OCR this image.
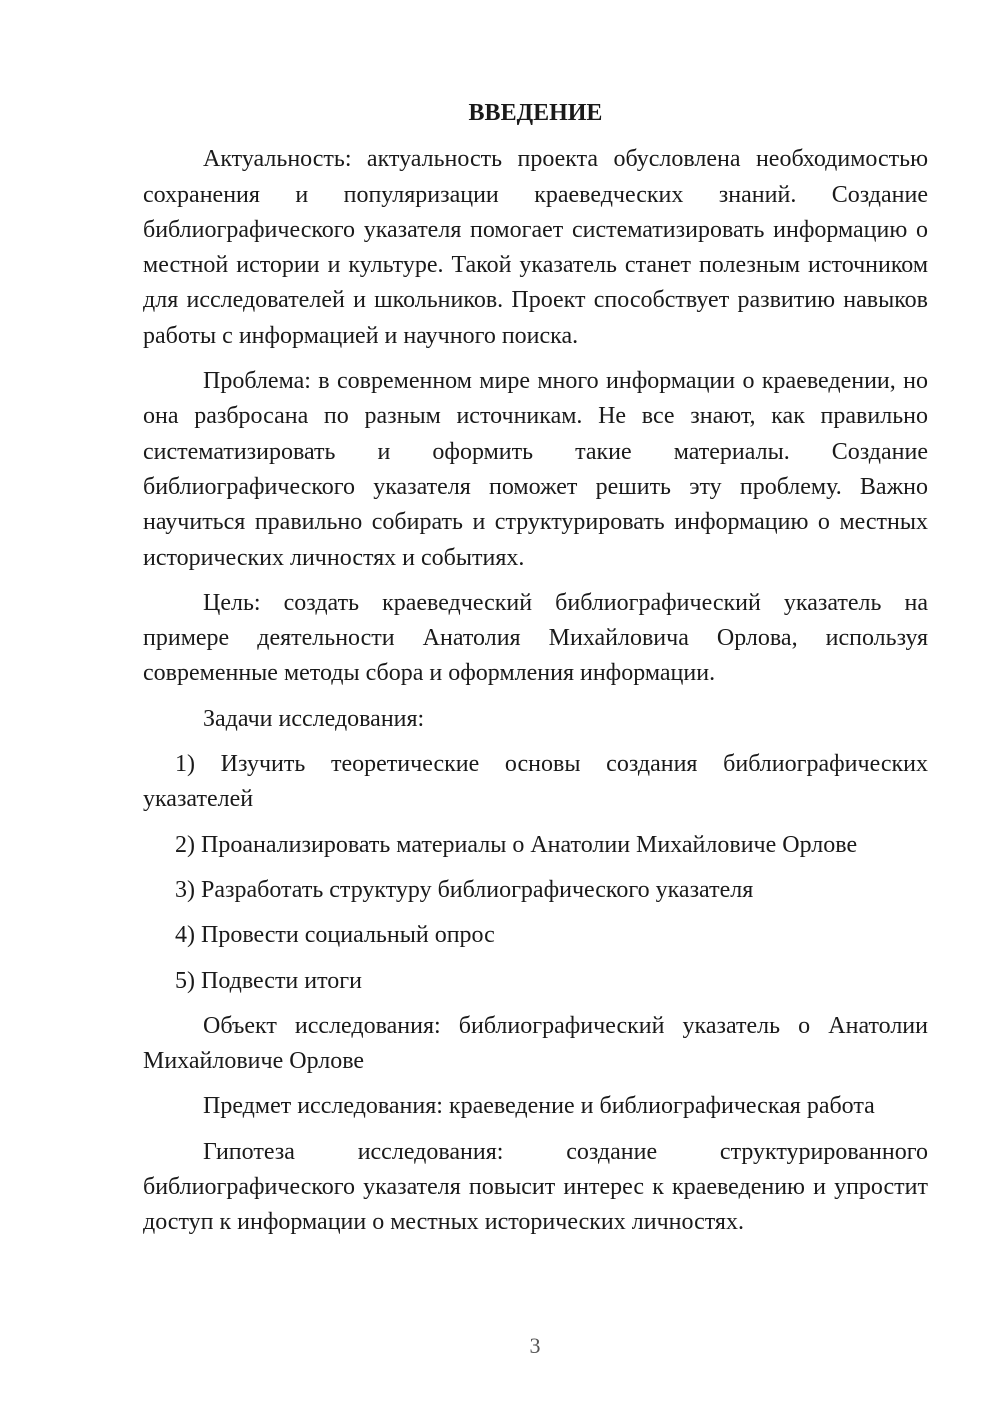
ВВЕДЕНИЕ

Актуальность: актуальность проекта обусловлена необходимостью сохранения и популяризации краеведческих знаний. Создание библиографического указателя помогает систематизировать информацию о местной истории и культуре. Такой указатель станет полезным источником для исследователей и школьников. Проект способствует развитию навыков работы с информацией и научного поиска.

Проблема: в современном мире много информации о краеведении, но она разбросана по разным источникам. Не все знают, как правильно систематизировать и оформить такие материалы. Создание библиографического указателя поможет решить эту проблему. Важно научиться правильно собирать и структурировать информацию о местных исторических личностях и событиях.

Цель: создать краеведческий библиографический указатель на примере деятельности Анатолия Михайловича Орлова, используя современные методы сбора и оформления информации.

Задачи исследования:

1) Изучить теоретические основы создания библиографических указателей

2) Проанализировать материалы о Анатолии Михайловиче Орлове

3) Разработать структуру библиографического указателя

4) Провести социальный опрос

5) Подвести итоги

Объект исследования: библиографический указатель о Анатолии Михайловиче Орлове

Предмет исследования: краеведение и библиографическая работа

Гипотеза исследования: создание структурированного библиографического указателя повысит интерес к краеведению и упростит доступ к информации о местных исторических личностях.

3
